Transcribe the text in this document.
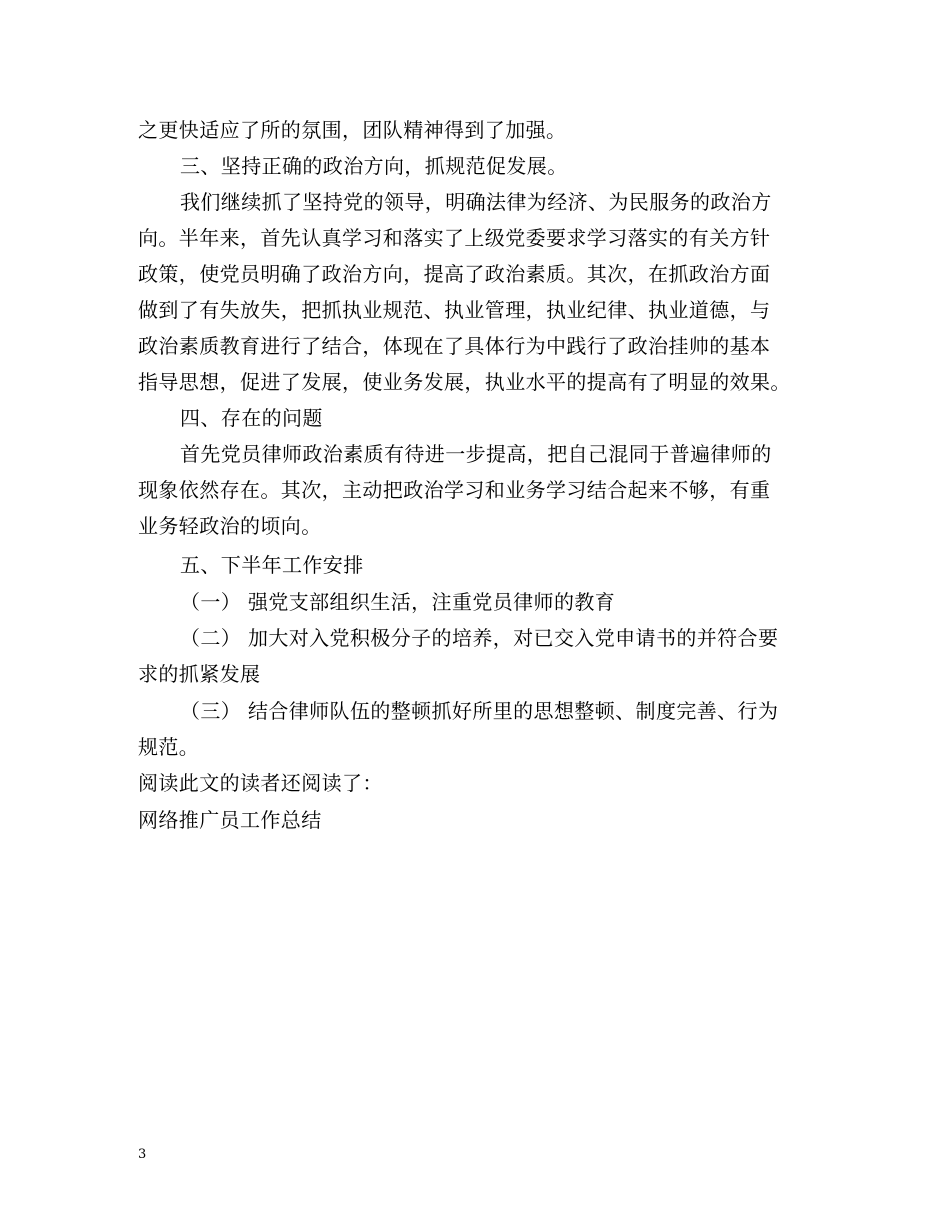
之更快适应了所的氛围，团队精神得到了加强。
三、坚持正确的政治方向，抓规范促发展。
我们继续抓了坚持党的领导，明确法律为经济、为民服务的政治方
向。半年来，首先认真学习和落实了上级党委要求学习落实的有关方针
政策，使党员明确了政治方向，提高了政治素质。其次，在抓政治方面
做到了有失放失，把抓执业规范、执业管理，执业纪律、执业道德，与
政治素质教育进行了结合，体现在了具体行为中践行了政治挂帅的基本
指导思想，促进了发展，使业务发展，执业水平的提高有了明显的效果。
四、存在的问题
首先党员律师政治素质有待进一步提高，把自己混同于普遍律师的
现象依然存在。其次，主动把政治学习和业务学习结合起来不够，有重
业务轻政治的顷向。
五、下半年工作安排
（一） 强党支部组织生活，注重党员律师的教育
（二） 加大对入党积极分子的培养，对已交入党申请书的并符合要
求的抓紧发展
（三） 结合律师队伍的整顿抓好所里的思想整顿、制度完善、行为
规范。
阅读此文的读者还阅读了：
网络推广员工作总结
3
